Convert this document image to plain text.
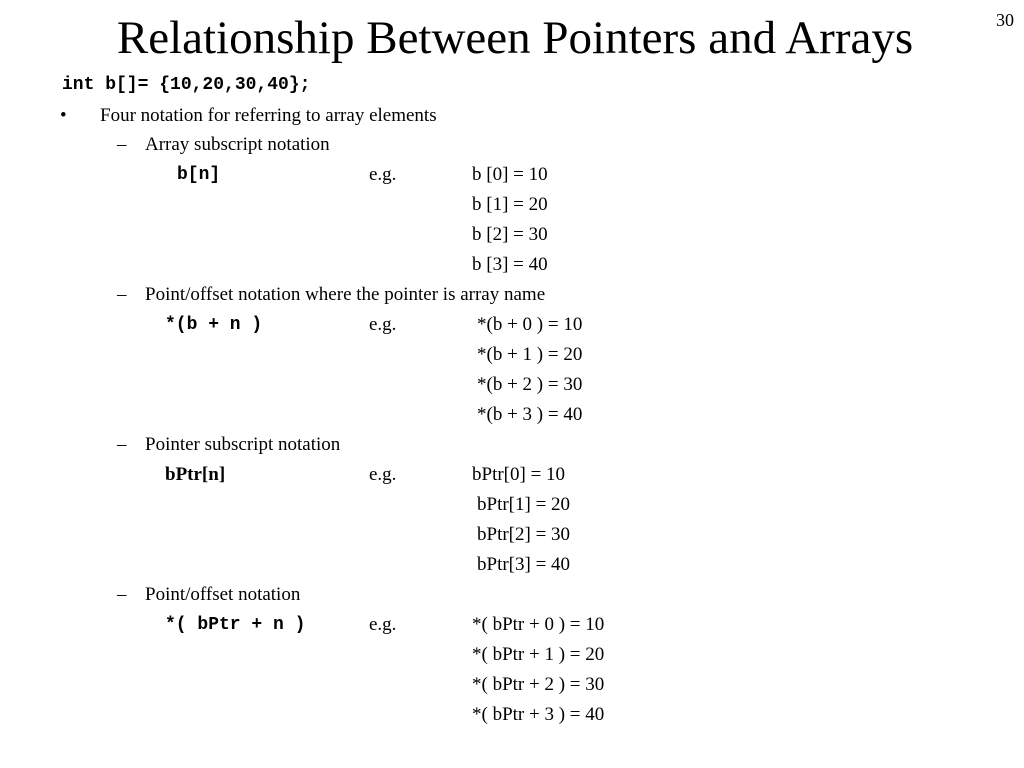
30
Relationship Between Pointers and Arrays
int b[]= {10,20,30,40};
• Four notation for referring to array elements
– Array subscript notation
b[n]	e.g.	b [0] = 10
b [1] = 20
b [2] = 30
b [3] = 40
– Point/offset notation where the pointer is array name
*(b + n )	e.g.	*(b + 0 ) = 10
*(b + 1 ) = 20
*(b + 2 ) = 30
*(b + 3 ) = 40
– Pointer subscript notation
bPtr[n]	e.g.	bPtr[0] = 10
bPtr[1] = 20
bPtr[2] = 30
bPtr[3] = 40
– Point/offset notation
*( bPtr + n )	e.g.	*( bPtr + 0 ) = 10
*( bPtr + 1 ) = 20
*( bPtr + 2 ) = 30
*( bPtr + 3 ) = 40
